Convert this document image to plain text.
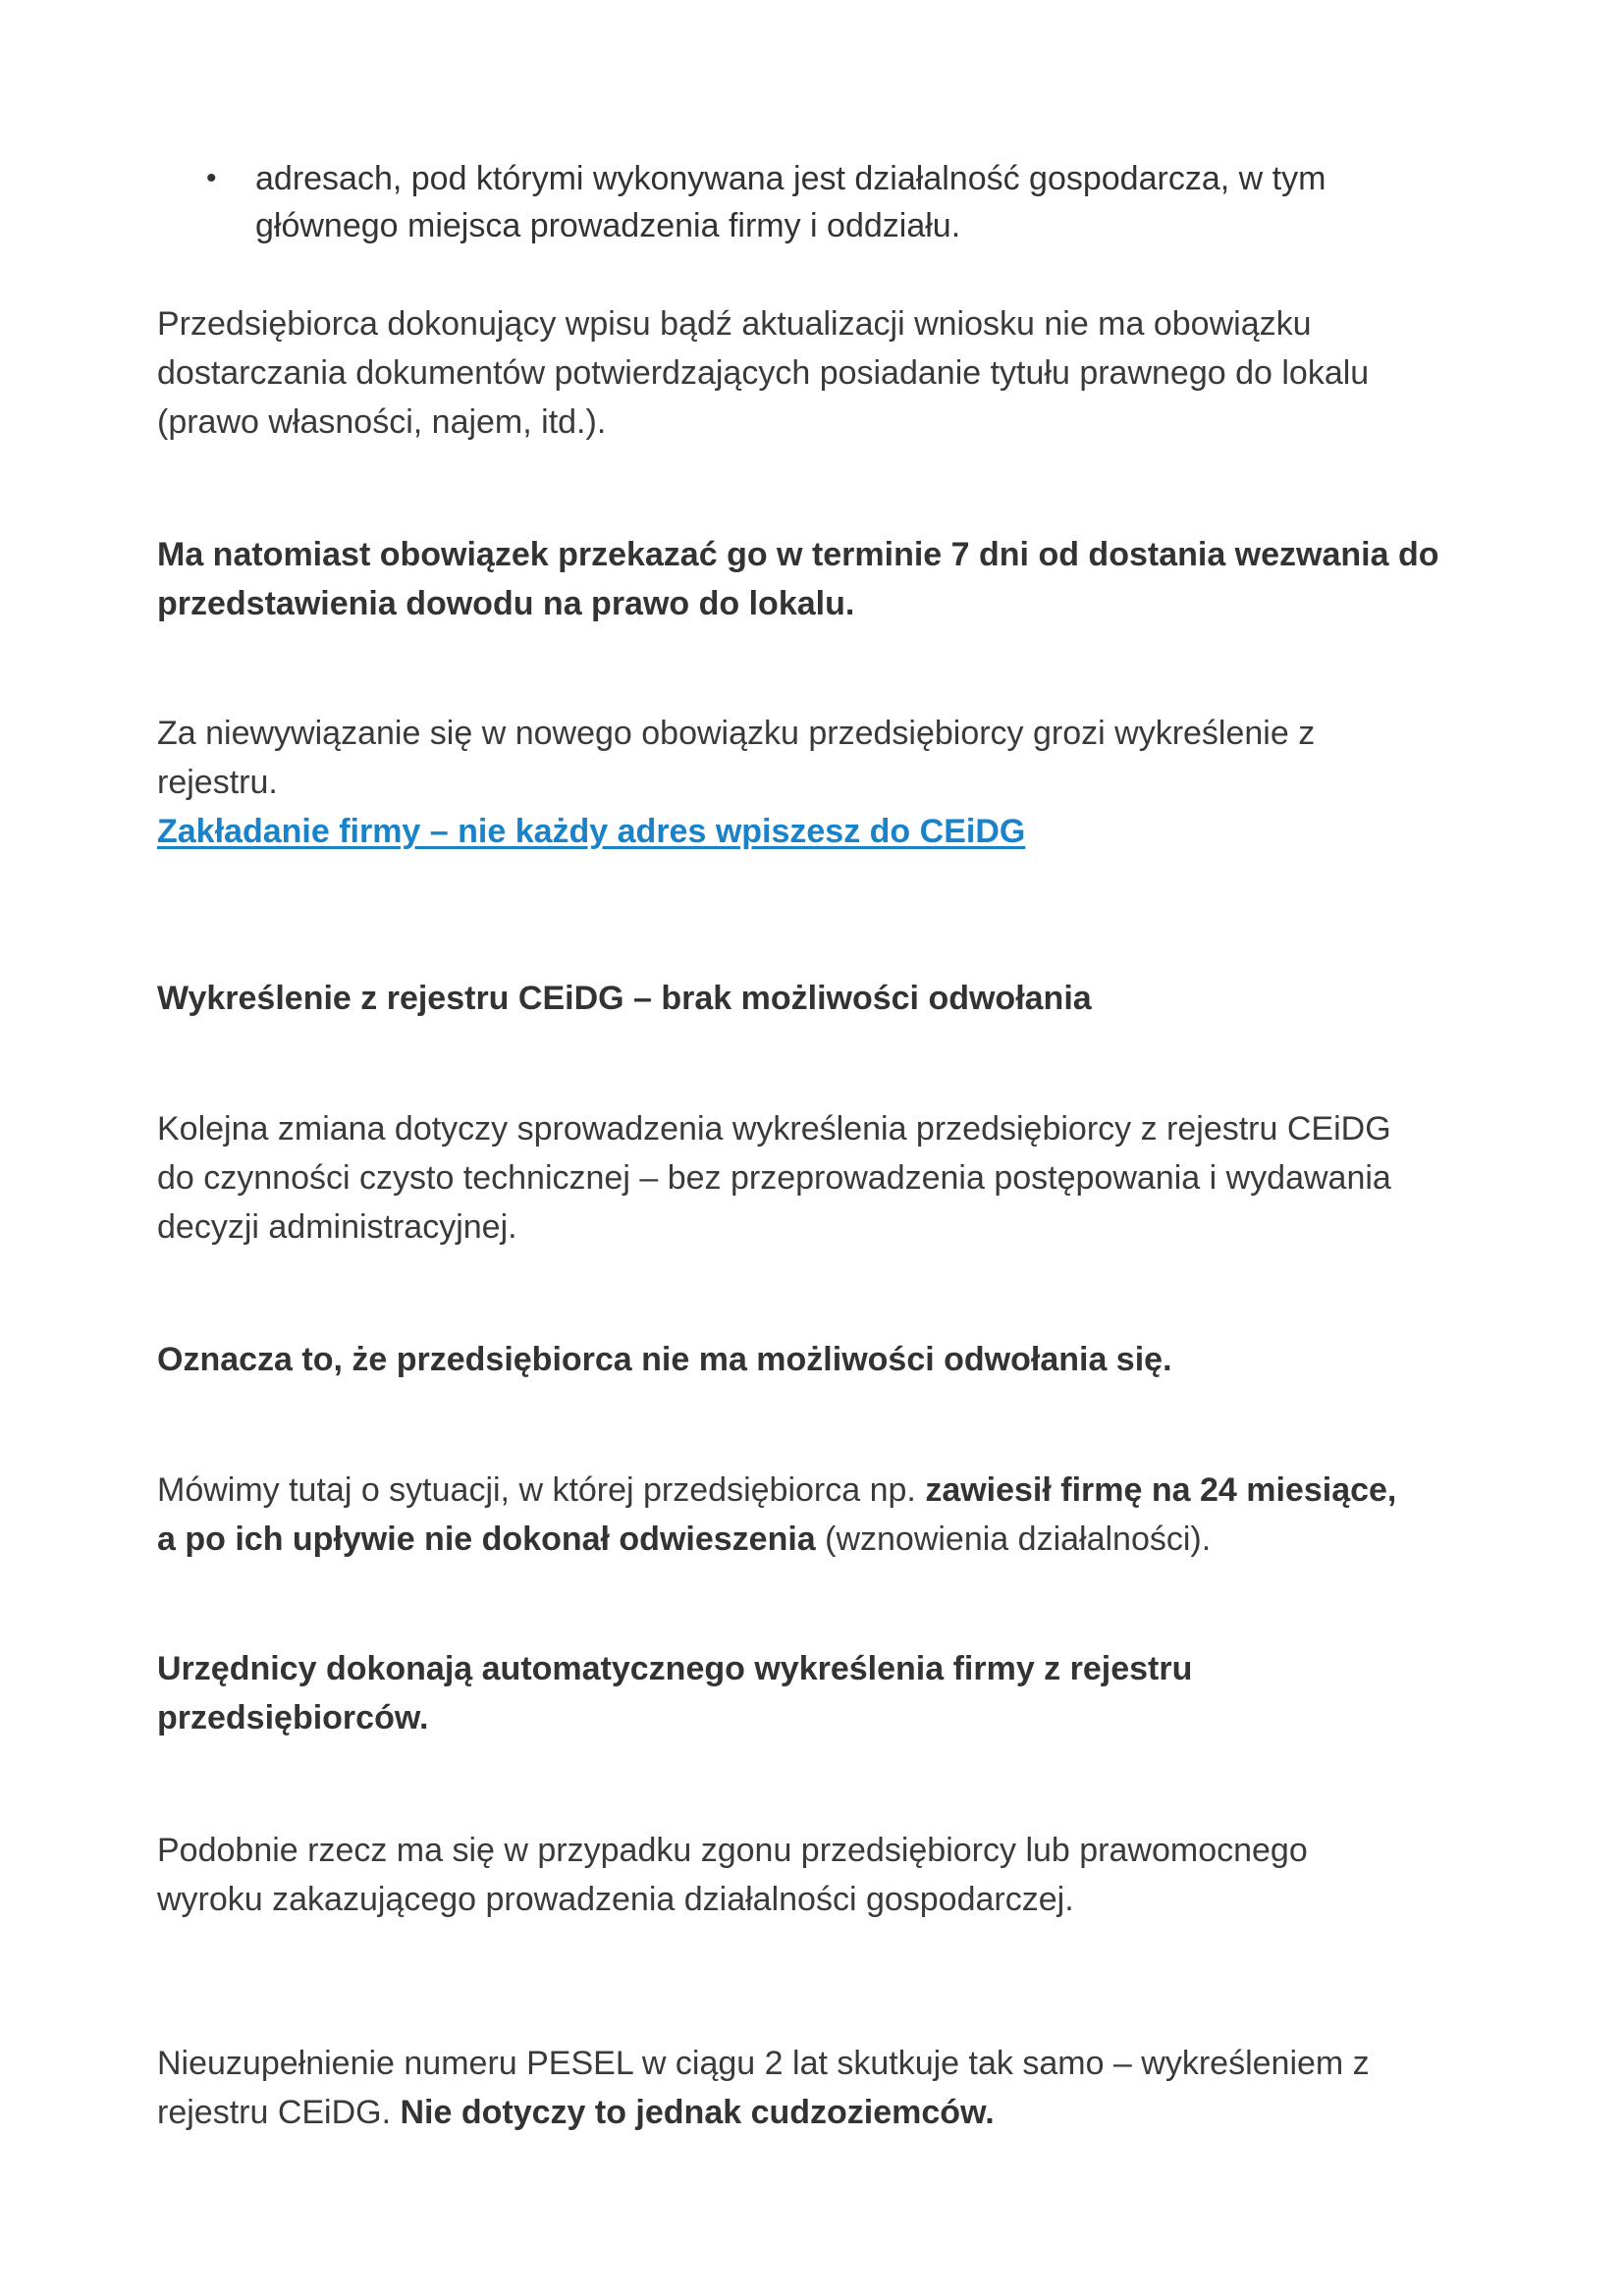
• adresach, pod którymi wykonywana jest działalność gospodarcza, w tym
głównego miejsca prowadzenia firmy i oddziału.

Przedsiębiorca dokonujący wpisu bądź aktualizacji wniosku nie ma obowiązku
dostarczania dokumentów potwierdzających posiadanie tytułu prawnego do lokalu
(prawo własności, najem, itd.).

Ma natomiast obowiązek przekazać go w terminie 7 dni od dostania wezwania do
przedstawienia dowodu na prawo do lokalu.

Za niewywiązanie się w nowego obowiązku przedsiębiorcy grozi wykreślenie z
rejestru.
Zakładanie firmy – nie każdy adres wpiszesz do CEiDG

Wykreślenie z rejestru CEiDG – brak możliwości odwołania

Kolejna zmiana dotyczy sprowadzenia wykreślenia przedsiębiorcy z rejestru CEiDG
do czynności czysto technicznej – bez przeprowadzenia postępowania i wydawania
decyzji administracyjnej.

Oznacza to, że przedsiębiorca nie ma możliwości odwołania się.

Mówimy tutaj o sytuacji, w której przedsiębiorca np. zawiesił firmę na 24 miesiące,
a po ich upływie nie dokonał odwieszenia (wznowienia działalności).

Urzędnicy dokonają automatycznego wykreślenia firmy z rejestru
przedsiębiorców.

Podobnie rzecz ma się w przypadku zgonu przedsiębiorcy lub prawomocnego
wyroku zakazującego prowadzenia działalności gospodarczej.

Nieuzupełnienie numeru PESEL w ciągu 2 lat skutkuje tak samo – wykreśleniem z
rejestru CEiDG. Nie dotyczy to jednak cudzoziemców.
